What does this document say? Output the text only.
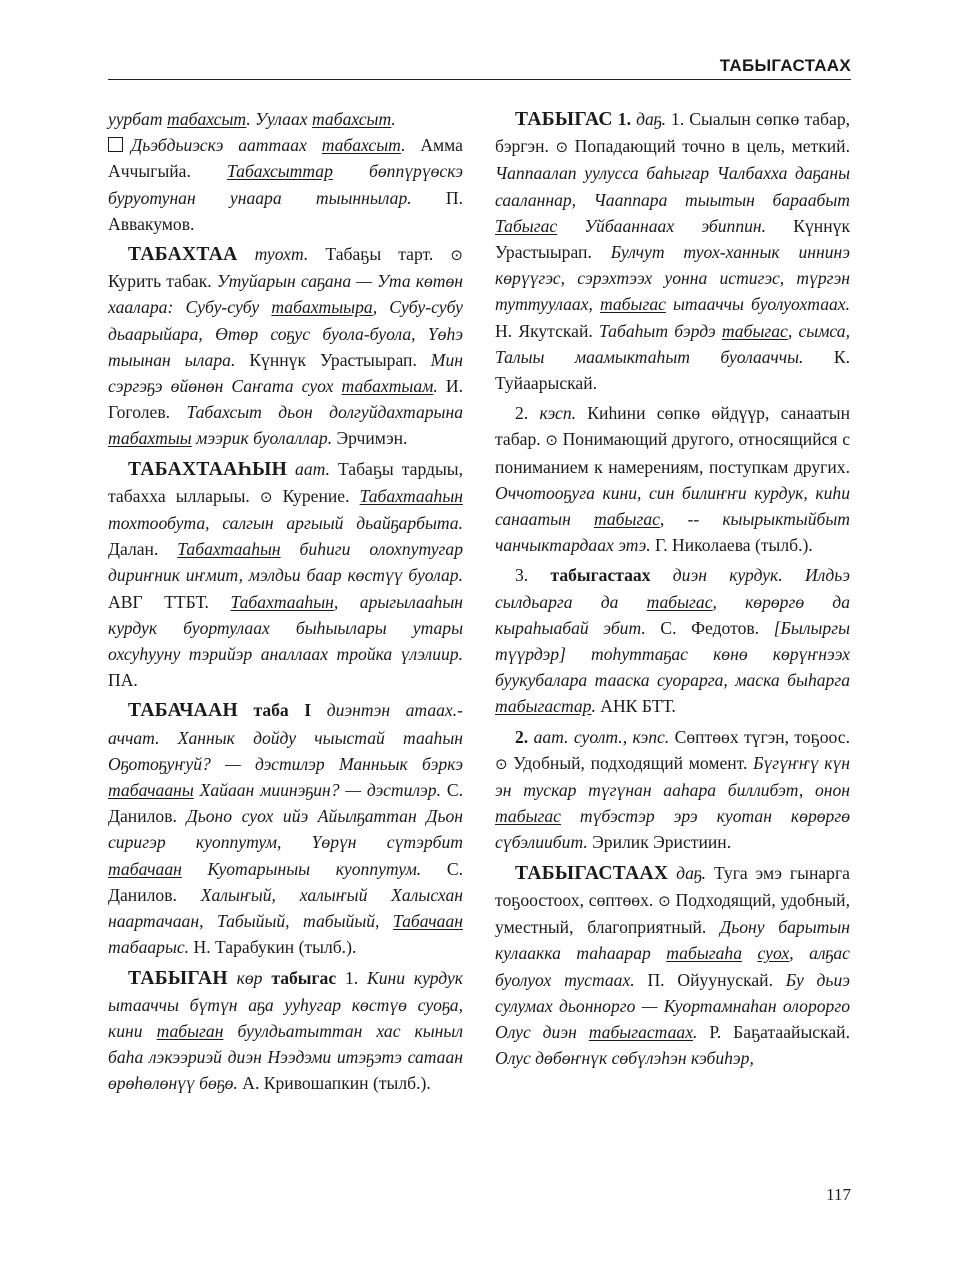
ТАБЫГАСТААХ

уурбат табахсыт. Уулаах табахсыт.
Дьэбдьиэскэ ааттаах табахсыт. Амма Аччыгыйа. Табахсыттар бөппүрүөскэ буруотунан унаара тыыннылар. П. Аввакумов.

ТАБАХТАА туохт. Табаҕы тарт. ⊙ Курить табак. Утуйарын саҕана — Ута көтөн хаалара: Субу-субу табахтыыра, Субу-субу дьаарыйара, Өтөр соҕус буола-буола, Үөһэ тыынан ылара. Күннүк Урастыырап. Мин сэргэҕэ өйөнөн Саҥата суох табахтыам. И. Гоголев. Табахсыт дьон долгуйдахтарына табахтыы мээрик буолаллар. Эрчимэн.

ТАБАХТААҺЫН аат. Табаҕы тардыы, табахха ылларыы. ⊙ Курение. Табахтааһын тохтообута, салгын аргыый дьайҕарбыта. Далан. Табахтааһын биһиги олохпутугар дириҥник иҥмит, мэлдьи баар көстүү буолар. АВГ ТТБТ. Табахтааһын, арыгылааһын курдук буортулаах быһыылары утары охсуһууну тэрийэр аналлаах тройка үлэлиир. ПА.

ТАБАЧААН таба I диэнтэн атаах.-аччат. Ханнык дойду чыыстай тааһын Оҕотоҕуҥуй? — дэстилэр Манньык бэркэ табачааны Хайаан миинэҕин? — дэстилэр. С. Данилов. Дьоно суох ийэ Айылҕаттан Дьон сиригэр куоппутум, Үөрүн сүтэрбит табачаан Куотарыныы куоппутум. С. Данилов. Халыҥый, халыҥый Халысхан наартачаан, Табыйый, табыйый, Табачаан табаарыс. Н. Тарабукин (тылб.).

ТАБЫГАН көр табыгас 1. Кини курдук ытааччы бүтүн аҕа ууһугар көстүө суоҕа, кини табыган буулдьатыттан хас кыныл баһа лэкээриэй диэн Нээдэми итэҕэтэ сатаан өрөһөлөнүү бөҕө. А. Кривошапкин (тылб.).

ТАБЫГАС 1. даҕ. 1. Сыалын сөпкө табар, бэргэн. ⊙ Попадающий точно в цель, меткий. Чаппаалап уулусса баһыгар Чалбахха даҕаны сааланнар, Чааппара тыытын бараабыт Табыгас Уйбааннаах эбиппин. Күннүк Урастыырап. Булчут туох-ханнык иннинэ көрүүгэс, сэрэхтээх уонна истигэс, түргэн туттуулаах, табыгас ытааччы буолуохтаах. Н. Якутскай. Табаһыт бэрдэ табыгас, сымса, Талыы маамыктаһыт буолааччы. К. Туйаарыскай.

2. кэсп. Киһини сөпкө өйдүүр, санаатын табар. ⊙ Понимающий другого, относящийся с пониманием к намерениям, поступкам других. Оччотооҕуга кини, син билиҥҥи курдук, киһи санаатын табыгас, -- кыырыктыйбыт чанчыктардаах этэ. Г. Николаева (тылб.).

3. табыгастаах диэн курдук. Илдьэ сылдьарга да табыгас, көрөргө да кыраһыабай эбит. С. Федотов. [Былыргы түүрдэр] тоһуттаҕас көнө көрүҥнээх буукубалара тааска суорарга, маска быһарга табыгастар. АНК БТТ.

2. аат. суолт., кэпс. Сөптөөх түгэн, тоҕоос. ⊙ Удобный, подходящий момент. Бүгүҥҥү күн эн тускар түгүнан ааһара биллибэт, онон табыгас түбэстэр эрэ куотан көрөргө сүбэлиибит. Эрилик Эристиин.

ТАБЫГАСТААХ даҕ. Туга эмэ гынарга тоҕоостоох, сөптөөх. ⊙ Подходящий, удобный, уместный, благоприятный. Дьону барытын кулаакка таһаарар табыгаһа суох, алҕас буолуох тустаах. П. Ойуунускай. Бу дьиэ сулумах дьонноргo — Куортамнаһан олорорго Олус диэн табыгастаах. Р. Баҕатаайыскай. Олус дөбөҥнүк сөбүлэһэн кэбиһэр,

117
